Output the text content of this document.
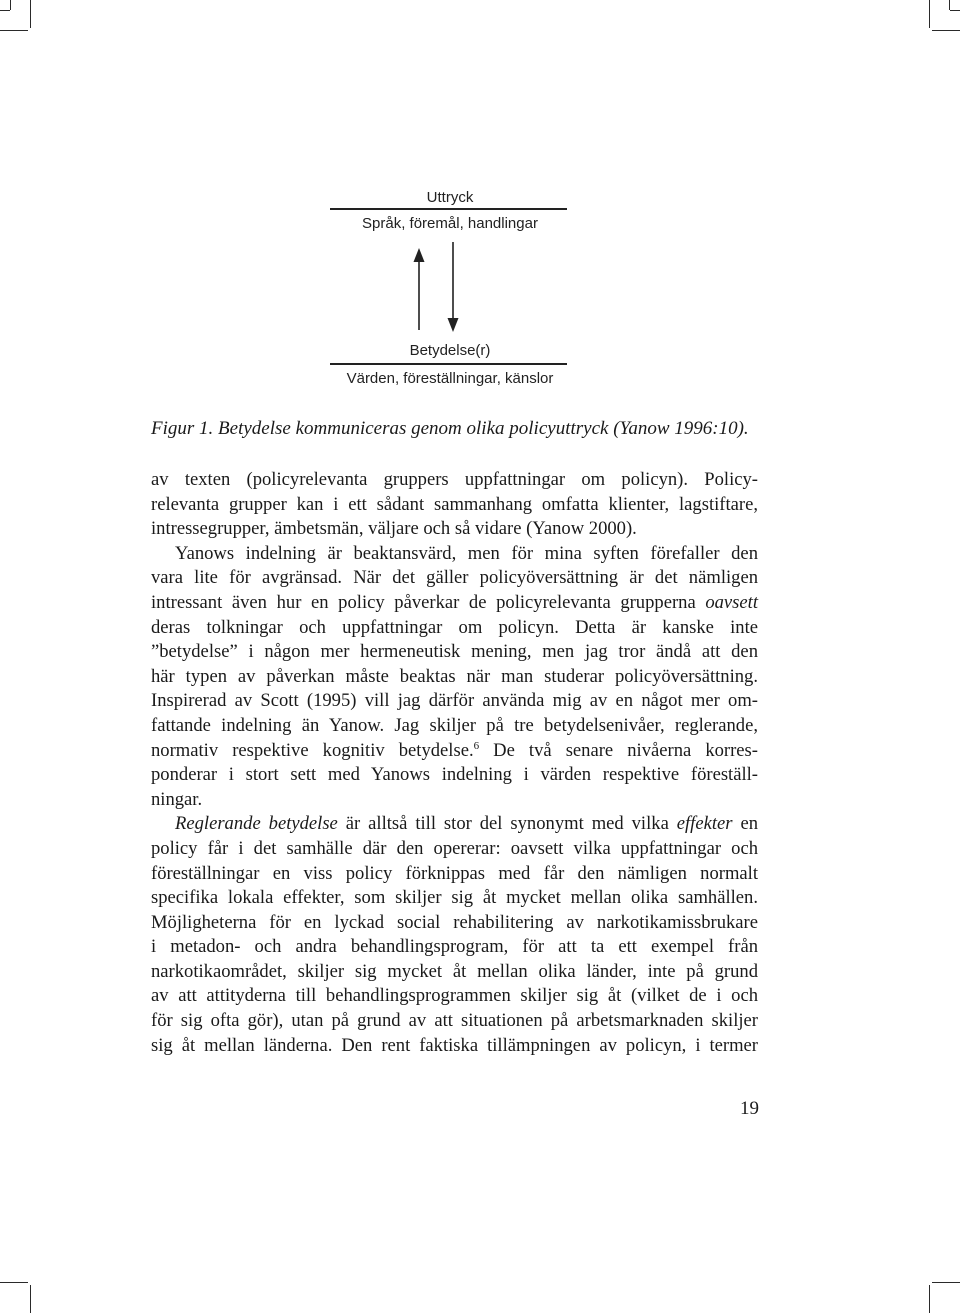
Uttryck
Språk, föremål, handlingar
Betydelse(r)
Värden, föreställningar, känslor
Figur 1. Betydelse kommuniceras genom olika policyuttryck (Yanow 1996:10).
av texten (policyrelevanta gruppers uppfattningar om policyn). Policy-
relevanta grupper kan i ett sådant sammanhang omfatta klienter, lagstiftare,
intressegrupper, ämbetsmän, väljare och så vidare (Yanow 2000).
Yanows indelning är beaktansvärd, men för mina syften förefaller den
vara lite för avgränsad. När det gäller policyöversättning är det nämligen
intressant även hur en policy påverkar de policyrelevanta grupperna oavsett
deras tolkningar och uppfattningar om policyn. Detta är kanske inte
”betydelse” i någon mer hermeneutisk mening, men jag tror ändå att den
här typen av påverkan måste beaktas när man studerar policyöversättning.
Inspirerad av Scott (1995) vill jag därför använda mig av en något mer om-
fattande indelning än Yanow. Jag skiljer på tre betydelsenivåer, reglerande,
normativ respektive kognitiv betydelse.$^6$ De två senare nivåerna korres-
ponderar i stort sett med Yanows indelning i värden respektive föreställ-
ningar.
Reglerande betydelse är alltså till stor del synonymt med vilka effekter en
policy får i det samhälle där den opererar: oavsett vilka uppfattningar och
föreställningar en viss policy förknippas med får den nämligen normalt
specifika lokala effekter, som skiljer sig åt mycket mellan olika samhällen.
Möjligheterna för en lyckad social rehabilitering av narkotikamissbrukare
i metadon- och andra behandlingsprogram, för att ta ett exempel från
narkotikaområdet, skiljer sig mycket åt mellan olika länder, inte på grund
av att attityderna till behandlingsprogrammen skiljer sig åt (vilket de i och
för sig ofta gör), utan på grund av att situationen på arbetsmarknaden skiljer
sig åt mellan länderna. Den rent faktiska tillämpningen av policyn, i termer
19
